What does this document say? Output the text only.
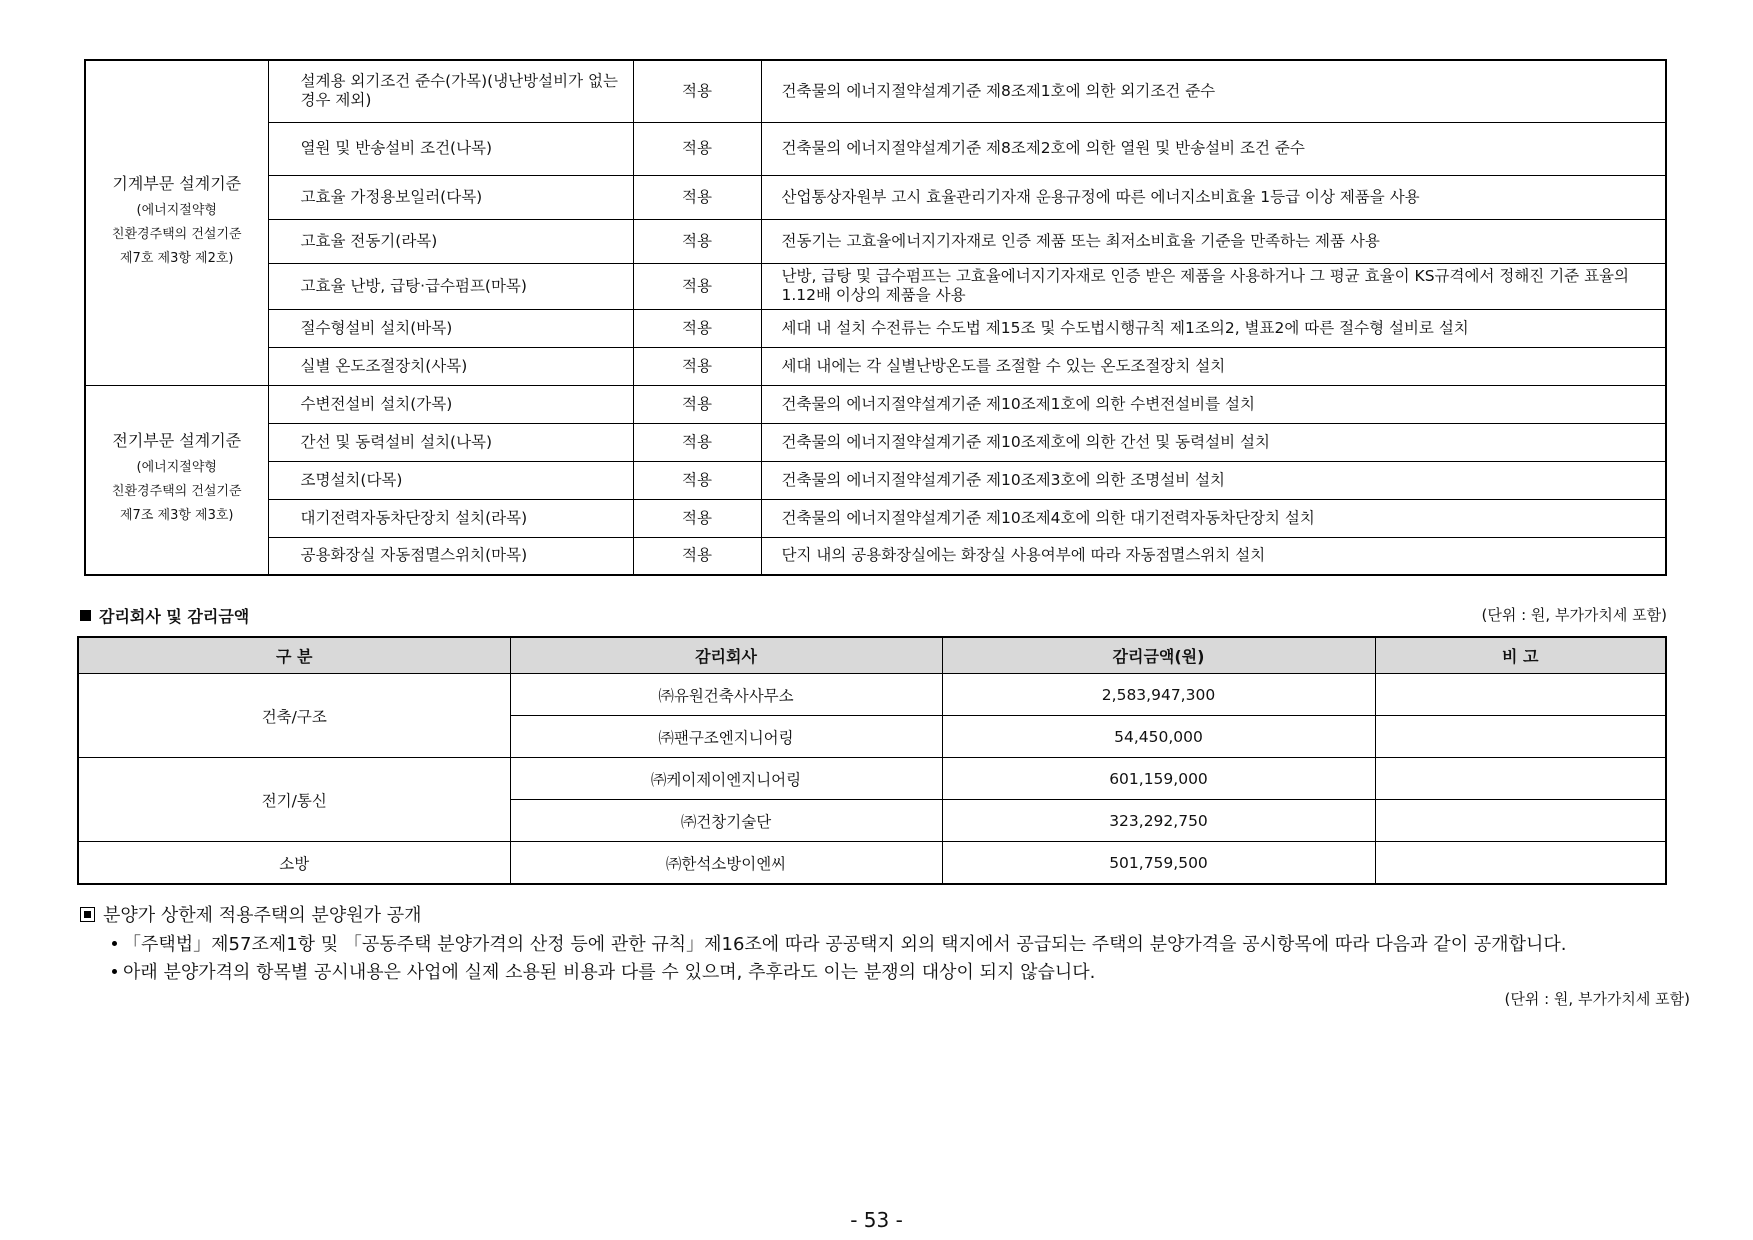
기계부문 설계기준
(에너지절약형
친환경주택의 건설기준
제7호 제3항 제2호)	설계용 외기조건 준수(가목)(냉난방설비가 없는 경우 제외)	적용	건축물의 에너지절약설계기준 제8조제1호에 의한 외기조건 준수
	열원 및 반송설비 조건(나목)	적용	건축물의 에너지절약설계기준 제8조제2호에 의한 열원 및 반송설비 조건 준수
	고효율 가정용보일러(다목)	적용	산업통상자원부 고시 효율관리기자재 운용규정에 따른 에너지소비효율 1등급 이상 제품을 사용
	고효율 전동기(라목)	적용	전동기는 고효율에너지기자재로 인증 제품 또는 최저소비효율 기준을 만족하는 제품 사용
	고효율 난방, 급탕·급수펌프(마목)	적용	난방, 급탕 및 급수펌프는 고효율에너지기자재로 인증 받은 제품을 사용하거나 그 평균 효율이 KS규격에서 정해진 기준 표율의 1.12배 이상의 제품을 사용
	절수형설비 설치(바목)	적용	세대 내 설치 수전류는 수도법 제15조 및 수도법시행규칙 제1조의2, 별표2에 따른 절수형 설비로 설치
	실별 온도조절장치(사목)	적용	세대 내에는 각 실별난방온도를 조절할 수 있는 온도조절장치 설치

전기부문 설계기준
(에너지절약형
친환경주택의 건설기준
제7조 제3항 제3호)	수변전설비 설치(가목)	적용	건축물의 에너지절약설계기준 제10조제1호에 의한 수변전설비를 설치
	간선 및 동력설비 설치(나목)	적용	건축물의 에너지절약설계기준 제10조제호에 의한 간선 및 동력설비 설치
	조명설치(다목)	적용	건축물의 에너지절약설계기준 제10조제3호에 의한 조명설비 설치
	대기전력자동차단장치 설치(라목)	적용	건축물의 에너지절약설계기준 제10조제4호에 의한 대기전력자동차단장치 설치
	공용화장실 자동점멸스위치(마목)	적용	단지 내의 공용화장실에는 화장실 사용여부에 따라 자동점멸스위치 설치
감리회사 및 감리금액	(단위 : 원, 부가가치세 포함)
구 분	감리회사	감리금액(원)	비 고
건축/구조	㈜유원건축사사무소	2,583,947,300	
	㈜팬구조엔지니어링	54,450,000	
전기/통신	㈜케이제이엔지니어링	601,159,000	
	㈜건창기술단	323,292,750	
소방	㈜한석소방이엔씨	501,759,500	
분양가 상한제 적용주택의 분양원가 공개
「주택법」제57조제1항 및 「공동주택 분양가격의 산정 등에 관한 규칙」제16조에 따라 공공택지 외의 택지에서 공급되는 주택의 분양가격을 공시항목에 따라 다음과 같이 공개합니다.
아래 분양가격의 항목별 공시내용은 사업에 실제 소용된 비용과 다를 수 있으며, 추후라도 이는 분쟁의 대상이 되지 않습니다.
(단위 : 원, 부가가치세 포함)
- 53 -
